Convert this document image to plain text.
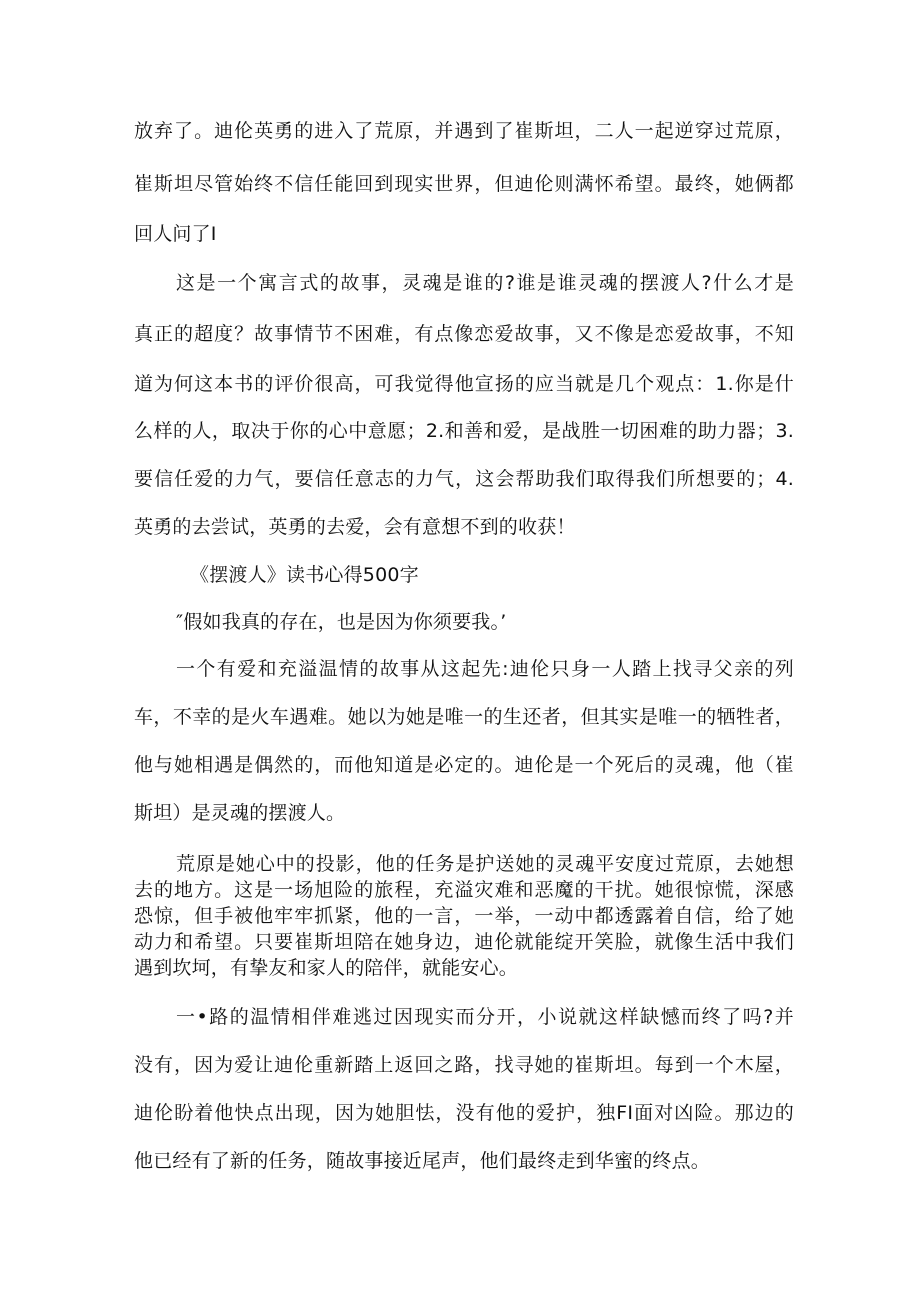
放弃了。迪伦英勇的进入了荒原，并遇到了崔斯坦，二人一起逆穿过荒原，
崔斯坦尽管始终不信任能回到现实世界，但迪伦则满怀希望。最终，她俩都
回人问了I
这是一个寓言式的故事，灵魂是谁的?谁是谁灵魂的摆渡人?什么才是
真正的超度？故事情节不困难，有点像恋爱故事，又不像是恋爱故事，不知
道为何这本书的评价很高，可我觉得他宣扬的应当就是几个观点：1.你是什
么样的人，取决于你的心中意愿；2.和善和爱，是战胜一切困难的助力器；3.
要信任爱的力气，要信任意志的力气，这会帮助我们取得我们所想要的；4.
英勇的去尝试，英勇的去爱，会有意想不到的收获！
《摆渡人》读书心得500字
″假如我真的存在，也是因为你须要我。’
一个有爱和充溢温情的故事从这起先:迪伦只身一人踏上找寻父亲的列
车，不幸的是火车遇难。她以为她是唯一的生还者，但其实是唯一的牺牲者，
他与她相遇是偶然的，而他知道是必定的。迪伦是一个死后的灵魂，他（崔
斯坦）是灵魂的摆渡人。
荒原是她心中的投影，他的任务是护送她的灵魂平安度过荒原，去她想
去的地方。这是一场旭险的旅程，充溢灾难和恶魔的干扰。她很惊慌，深感
恐惊，但手被他牢牢抓紧，他的一言，一举，一动中都透露着自信，给了她
动力和希望。只要崔斯坦陪在她身边，迪伦就能绽开笑脸，就像生活中我们
遇到坎坷，有挚友和家人的陪伴，就能安心。
一•路的温情相伴难逃过因现实而分开，小说就这样缺憾而终了吗?并
没有，因为爱让迪伦重新踏上返回之路，找寻她的崔斯坦。每到一个木屋，
迪伦盼着他快点出现，因为她胆怯，没有他的爱护，独FI面对凶险。那边的
他已经有了新的任务，随故事接近尾声，他们最终走到华蜜的终点。
